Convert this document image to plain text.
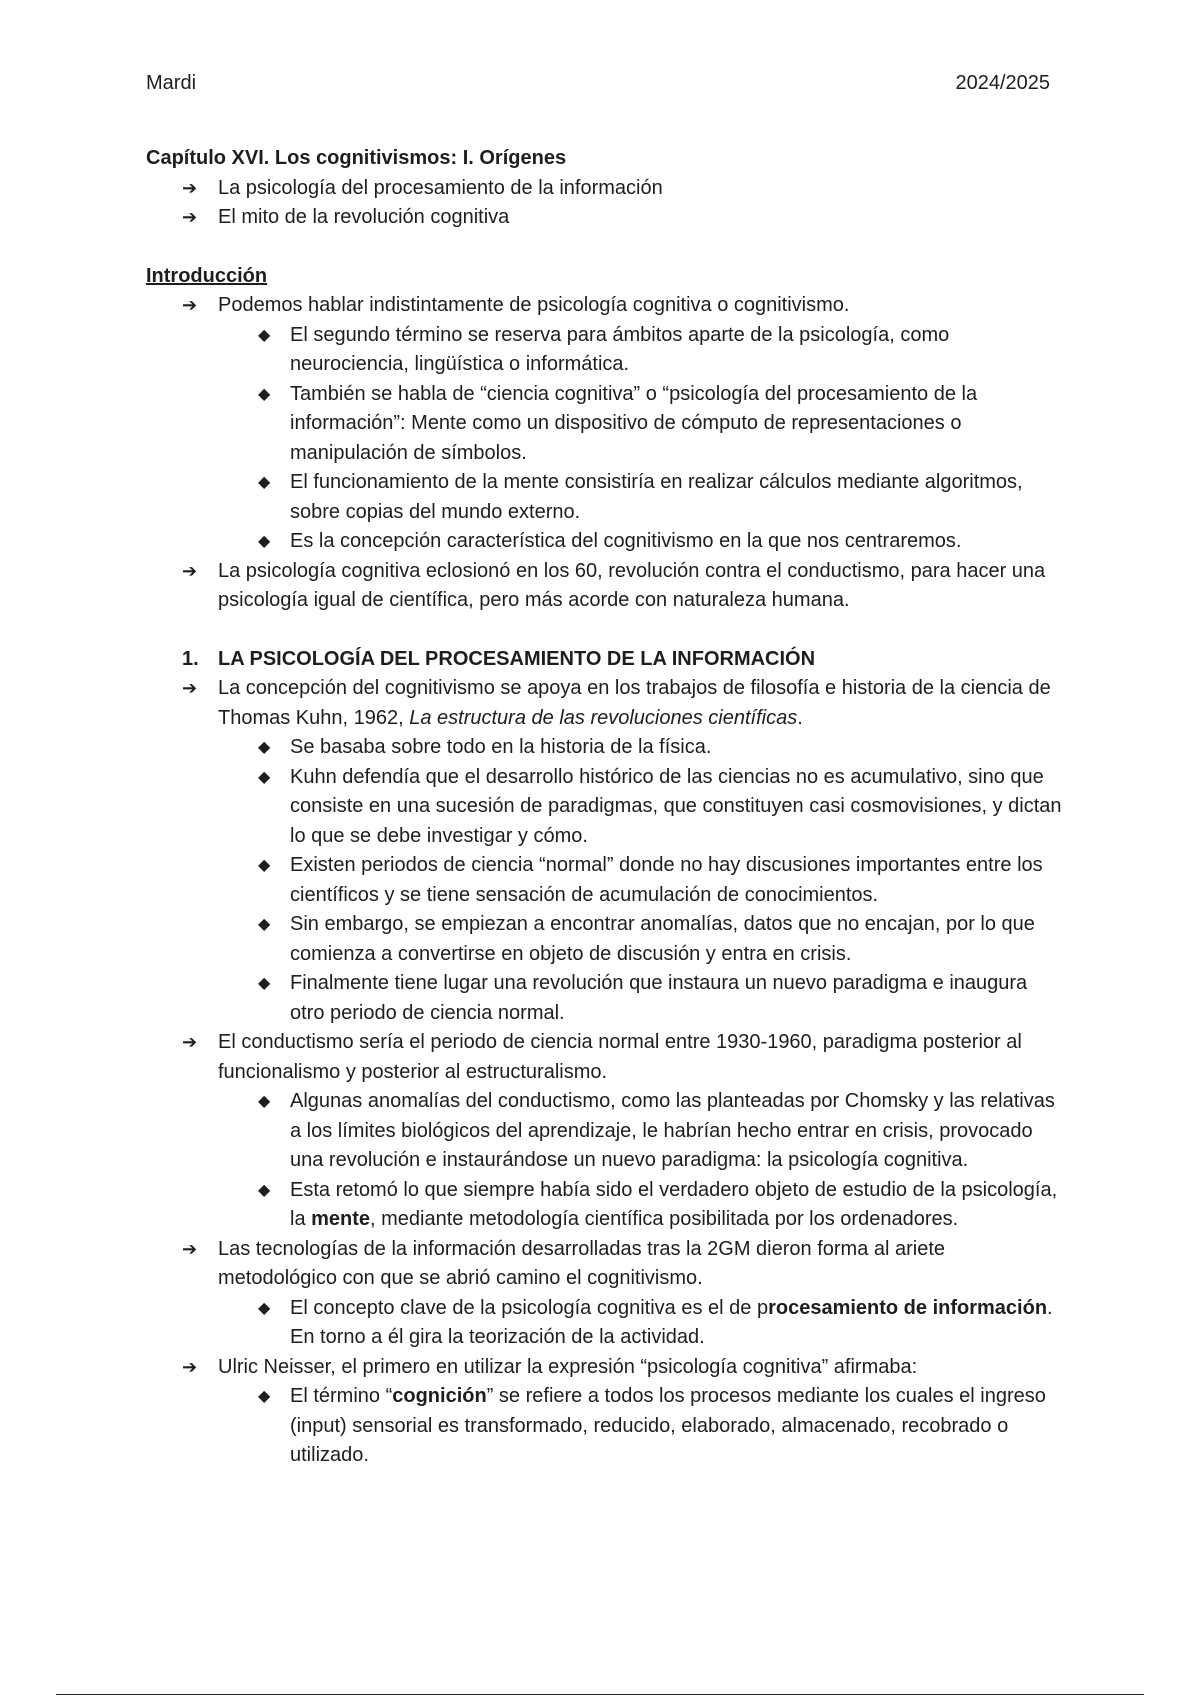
Mardi	2024/2025
Capítulo XVI. Los cognitivismos: I. Orígenes
➔ La psicología del procesamiento de la información
➔ El mito de la revolución cognitiva
Introducción
➔ Podemos hablar indistintamente de psicología cognitiva o cognitivismo.
◆ El segundo término se reserva para ámbitos aparte de la psicología, como neurociencia, lingüística o informática.
◆ También se habla de “ciencia cognitiva” o “psicología del procesamiento de la información”: Mente como un dispositivo de cómputo de representaciones o manipulación de símbolos.
◆ El funcionamiento de la mente consistiría en realizar cálculos mediante algoritmos, sobre copias del mundo externo.
◆ Es la concepción característica del cognitivismo en la que nos centraremos.
➔ La psicología cognitiva eclosionó en los 60, revolución contra el conductismo, para hacer una psicología igual de científica, pero más acorde con naturaleza humana.
1. LA PSICOLOGÍA DEL PROCESAMIENTO DE LA INFORMACIÓN
➔ La concepción del cognitivismo se apoya en los trabajos de filosofía e historia de la ciencia de Thomas Kuhn, 1962, La estructura de las revoluciones científicas.
◆ Se basaba sobre todo en la historia de la física.
◆ Kuhn defendía que el desarrollo histórico de las ciencias no es acumulativo, sino que consiste en una sucesión de paradigmas, que constituyen casi cosmovisiones, y dictan lo que se debe investigar y cómo.
◆ Existen periodos de ciencia “normal” donde no hay discusiones importantes entre los científicos y se tiene sensación de acumulación de conocimientos.
◆ Sin embargo, se empiezan a encontrar anomalías, datos que no encajan, por lo que comienza a convertirse en objeto de discusión y entra en crisis.
◆ Finalmente tiene lugar una revolución que instaura un nuevo paradigma e inaugura otro periodo de ciencia normal.
➔ El conductismo sería el periodo de ciencia normal entre 1930-1960, paradigma posterior al funcionalismo y posterior al estructuralismo.
◆ Algunas anomalías del conductismo, como las planteadas por Chomsky y las relativas a los límites biológicos del aprendizaje, le habrían hecho entrar en crisis, provocado una revolución e instaurándose un nuevo paradigma: la psicología cognitiva.
◆ Esta retomó lo que siempre había sido el verdadero objeto de estudio de la psicología, la mente, mediante metodología científica posibilitada por los ordenadores.
➔ Las tecnologías de la información desarrolladas tras la 2GM dieron forma al ariete metodológico con que se abrió camino el cognitivismo.
◆ El concepto clave de la psicología cognitiva es el de procesamiento de información. En torno a él gira la teorización de la actividad.
➔ Ulric Neisser, el primero en utilizar la expresión “psicología cognitiva” afirmaba:
◆ El término “cognición” se refiere a todos los procesos mediante los cuales el ingreso (input) sensorial es transformado, reducido, elaborado, almacenado, recobrado o utilizado.
